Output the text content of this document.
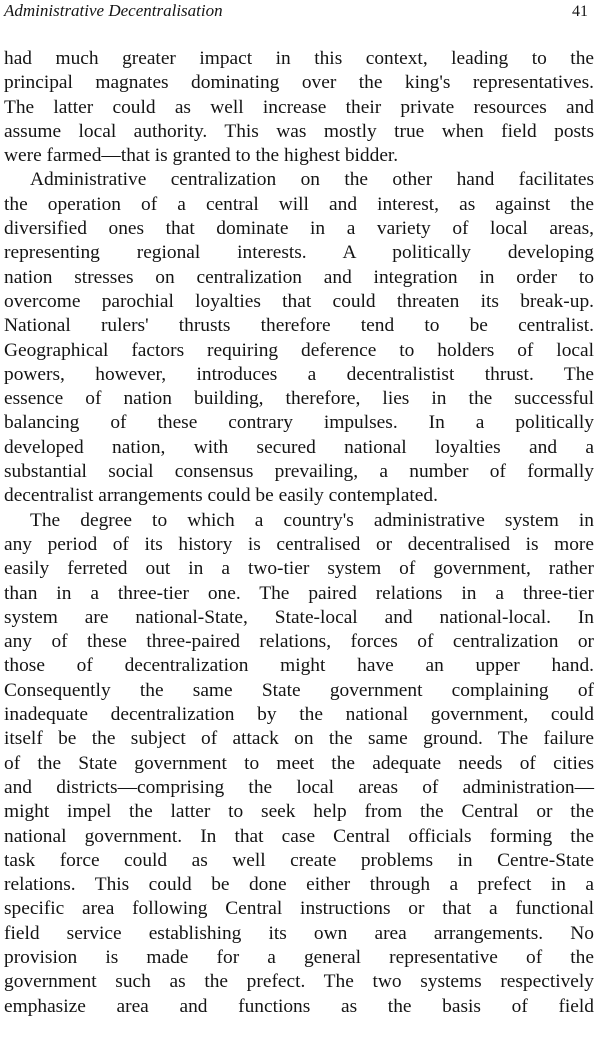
Administrative Decentralisation	41

had much greater impact in this context, leading to the
principal magnates dominating over the king's representatives.
The latter could as well increase their private resources and
assume local authority. This was mostly true when field posts
were farmed—that is granted to the highest bidder.

Administrative centralization on the other hand facilitates
the operation of a central will and interest, as against the
diversified ones that dominate in a variety of local areas,
representing regional interests. A politically developing
nation stresses on centralization and integration in order to
overcome parochial loyalties that could threaten its break-up.
National rulers' thrusts therefore tend to be centralist.
Geographical factors requiring deference to holders of local
powers, however, introduces a decentralistist thrust. The
essence of nation building, therefore, lies in the successful
balancing of these contrary impulses. In a politically
developed nation, with secured national loyalties and a
substantial social consensus prevailing, a number of formally
decentralist arrangements could be easily contemplated.

The degree to which a country's administrative system in
any period of its history is centralised or decentralised is more
easily ferreted out in a two-tier system of government, rather
than in a three-tier one. The paired relations in a three-tier
system are national-State, State-local and national-local. In
any of these three-paired relations, forces of centralization or
those of decentralization might have an upper hand.
Consequently the same State government complaining of
inadequate decentralization by the national government, could
itself be the subject of attack on the same ground. The failure
of the State government to meet the adequate needs of cities
and districts—comprising the local areas of administration—
might impel the latter to seek help from the Central or the
national government. In that case Central officials forming the
task force could as well create problems in Centre-State
relations. This could be done either through a prefect in a
specific area following Central instructions or that a functional
field service establishing its own area arrangements. No
provision is made for a general representative of the
government such as the prefect. The two systems respectively
emphasize area and functions as the basis of field
